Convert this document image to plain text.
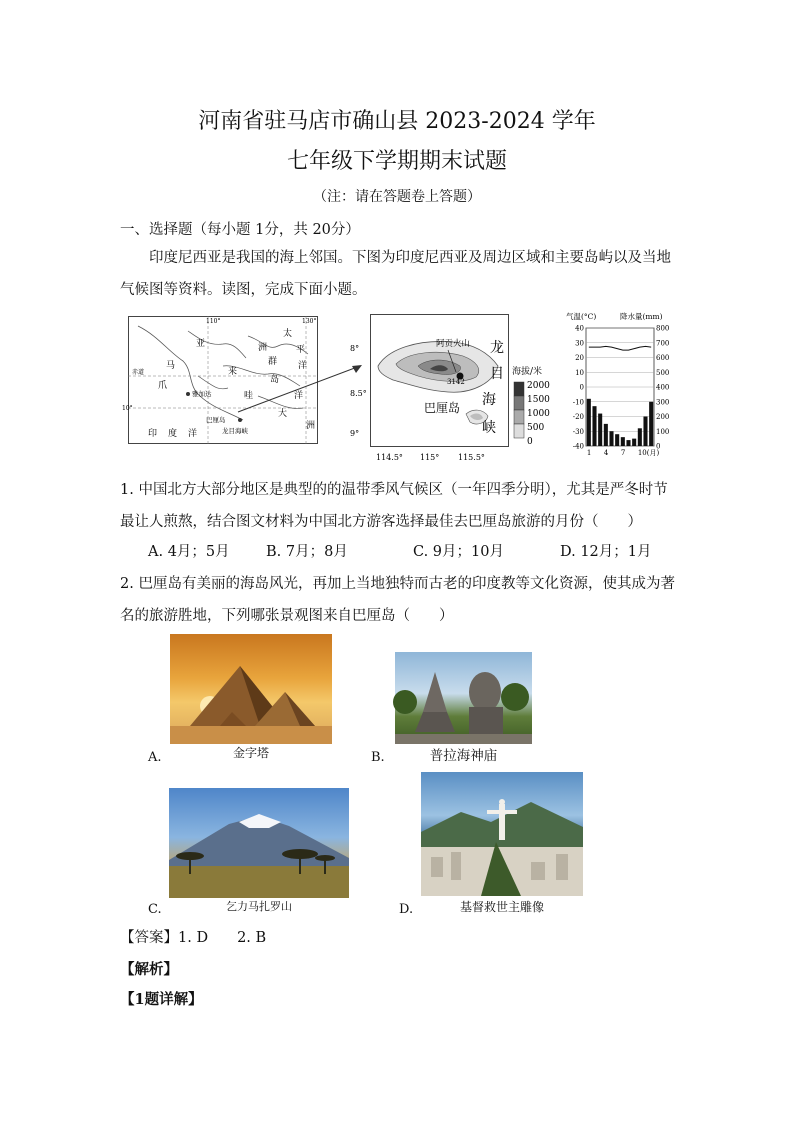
河南省驻马店市确山县 2023-2024 学年
七年级下学期期末试题
（注：请在答题卷上答题）
一、选择题（每小题 1分，共 20分）
印度尼西亚是我国的海上邻国。下图为印度尼西亚及周边区域和主要岛屿以及当地气候图等资料。读图，完成下面小题。
110°	130°
10°
亚	洲
太
平
洋
马
来
群
岛
赤道
爪
哇
雅加达
巴厘岛
龙目海峡
印 度 洋
大
洋
洲
阿贡火山
3142
巴厘岛
龙
目
海
峡
8°
8.5°
9°
114.5° 115° 115.5°
海拔/米
2000
1500
1000
500
0
气温(°C)	降水量(mm)
40	800
30	700
20	600
10	500
0	400
-10	300
-20	200
-30	100
-40	0
1 4 7 10(月)
1. 中国北方大部分地区是典型的的温带季风气候区（一年四季分明），尤其是严冬时节最让人煎熬，结合图文材料为中国北方游客选择最佳去巴厘岛旅游的月份（　　）
A. 4月；5月	B. 7月；8月	C. 9月；10月	D. 12月；1月
2. 巴厘岛有美丽的海岛风光，再加上当地独特而古老的印度教等文化资源，使其成为著名的旅游胜地，下列哪张景观图来自巴厘岛（　　）
A.	金字塔	B.	普拉海神庙
C.	乞力马扎罗山	D.	基督救世主雕像
【答案】1. D　　2. B
【解析】
【1题详解】
